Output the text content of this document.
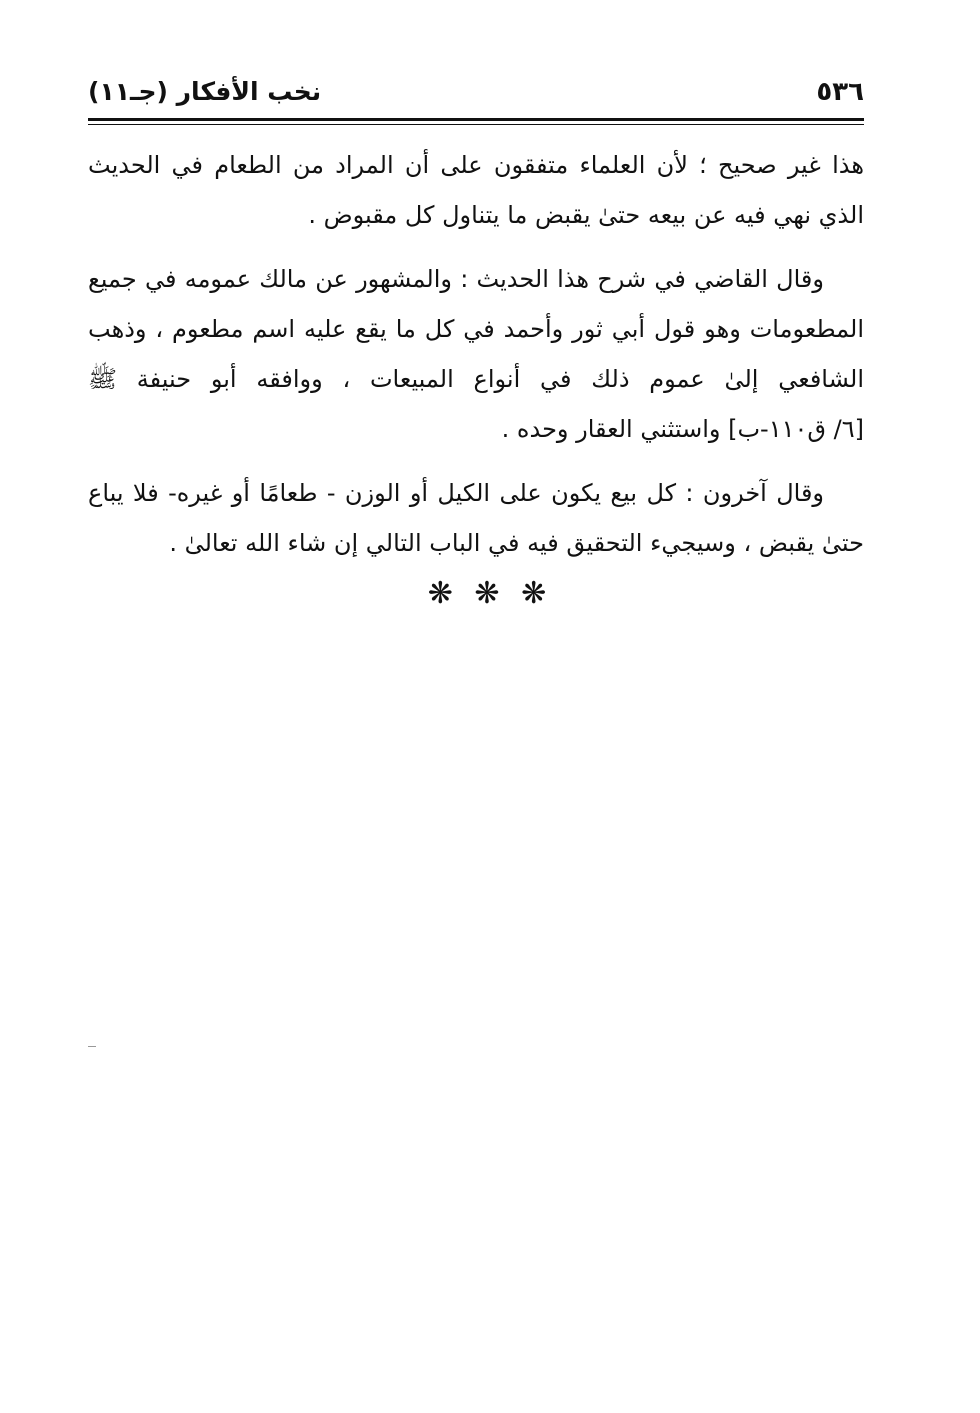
٥٣٦
نخب الأفكار (جـ١١)

هذا غير صحيح ؛ لأن العلماء متفقون على أن المراد من الطعام في الحديث الذي نهي فيه عن بيعه حتىٰ يقبض ما يتناول كل مقبوض .

وقال القاضي في شرح هذا الحديث : والمشهور عن مالك عمومه في جميع المطعومات وهو قول أبي ثور وأحمد في كل ما يقع عليه اسم مطعوم ، وذهب الشافعي إلىٰ عموم ذلك في أنواع المبيعات ، ووافقه أبو حنيفة ﷺ [٦/ ق١١٠-ب] واستثني العقار وحده .

وقال آخرون : كل بيع يكون على الكيل أو الوزن - طعامًا أو غيره- فلا يباع حتىٰ يقبض ، وسيجيء التحقيق فيه في الباب التالي إن شاء الله تعالىٰ .

❋ ❋ ❋
